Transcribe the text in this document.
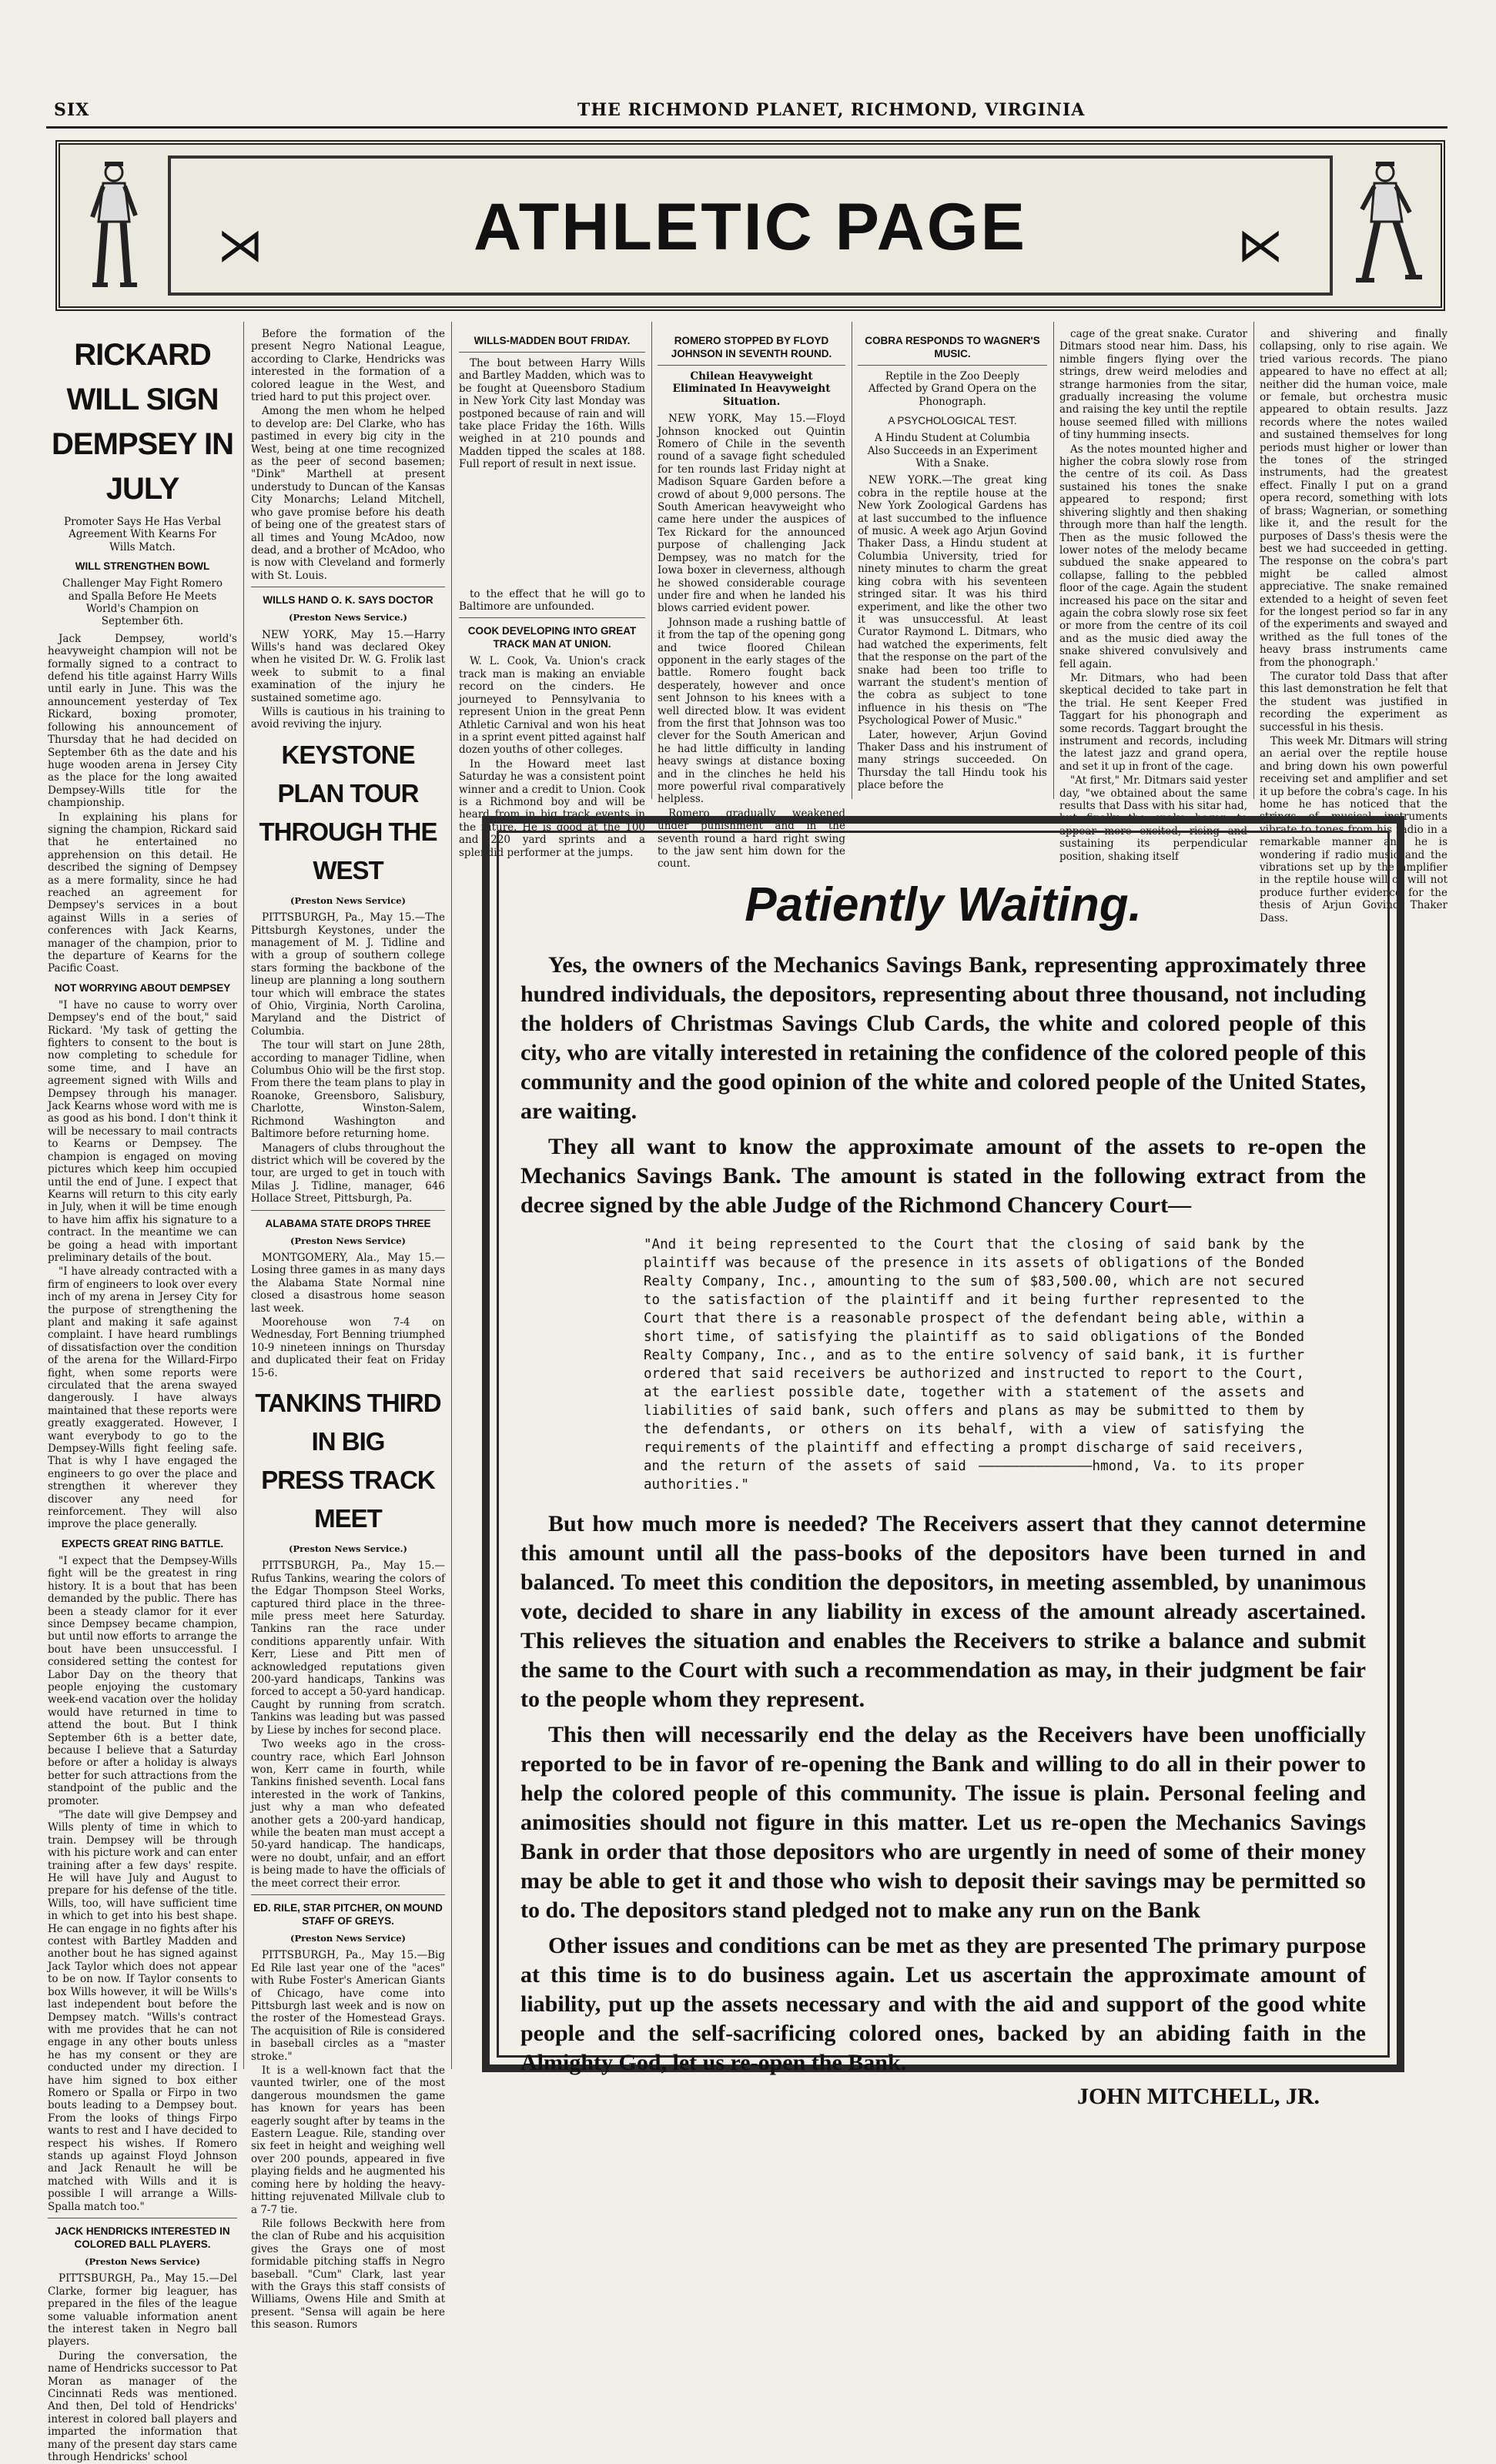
SIX	THE RICHMOND PLANET, RICHMOND, VIRGINIA
⋊	ATHLETIC PAGE	⋉
RICKARD WILL SIGN
DEMPSEY IN JULY
Promoter Says He Has Verbal Agreement With Kearns For Wills Match.
WILL STRENGTHEN BOWL
Challenger May Fight Romero and Spalla Before He Meets World's Champion on September 6th.

Jack Dempsey, world's heavyweight champion will not be formally signed to a contract to defend his title against Harry Wills until early in June. This was the announcement yesterday of Tex Rickard, boxing promoter, following his announcement of Thursday that he had decided on September 6th as the date and his huge wooden arena in Jersey City as the place for the long awaited Dempsey-Wills title for the championship.

In explaining his plans for signing the champion, Rickard said that he entertained no apprehension on this detail. He described the signing of Dempsey as a mere formality, since he had reached an agreement for Dempsey's services in a bout against Wills in a series of conferences with Jack Kearns, manager of the champion, prior to the departure of Kearns for the Pacific Coast.

NOT WORRYING ABOUT DEMPSEY

"I have no cause to worry over Dempsey's end of the bout," said Rickard. 'My task of getting the fighters to consent to the bout is now completing to schedule for some time, and I have an agreement signed with Wills and Dempsey through his manager. Jack Kearns whose word with me is as good as his bond. I don't think it will be necessary to mail contracts to Kearns or Dempsey. The champion is engaged on moving pictures which keep him occupied until the end of June. I expect that Kearns will return to this city early in July, when it will be time enough to have him affix his signature to a contract. In the meantime we can be going a head with important preliminary details of the bout.

"I have already contracted with a firm of engineers to look over every inch of my arena in Jersey City for the purpose of strengthening the plant and making it safe against complaint. I have heard rumblings of dissatisfaction over the condition of the arena for the Willard-Firpo fight, when some reports were circulated that the arena swayed dangerously. I have always maintained that these reports were greatly exaggerated. However, I want everybody to go to the Dempsey-Wills fight feeling safe. That is why I have engaged the engineers to go over the place and strengthen it wherever they discover any need for reinforcement. They will also improve the place generally.

EXPECTS GREAT RING BATTLE.

"I expect that the Dempsey-Wills fight will be the greatest in ring history. It is a bout that has been demanded by the public. There has been a steady clamor for it ever since Dempsey became champion, but until now efforts to arrange the bout have been unsuccessful. I considered setting the contest for Labor Day on the theory that people enjoying the customary week-end vacation over the holiday would have returned in time to attend the bout. But I think September 6th is a better date, because I believe that a Saturday before or after a holiday is always better for such attractions from the standpoint of the public and the promoter.

"The date will give Dempsey and Wills plenty of time in which to train. Dempsey will be through with his picture work and can enter training after a few days' respite. He will have July and August to prepare for his defense of the title. Wills, too, will have sufficient time in which to get into his best shape. He can engage in no fights after his contest with Bartley Madden and another bout he has signed against Jack Taylor which does not appear to be on now. If Taylor consents to box Wills however, it will be Wills's last independent bout before the Dempsey match. "Wills's contract with me provides that he can not engage in any other bouts unless he has my consent or they are conducted under my direction. I have him signed to box either Romero or Spalla or Firpo in two bouts leading to a Dempsey bout. From the looks of things Firpo wants to rest and I have decided to respect his wishes. If Romero stands up against Floyd Johnson and Jack Renault he will be matched with Wills and it is possible I will arrange a Wills-Spalla match too."

JACK HENDRICKS INTERESTED IN COLORED BALL PLAYERS.
(Preston News Service)

PITTSBURGH, Pa., May 15.—Del Clarke, former big leaguer, has prepared in the files of the league some valuable information anent the interest taken in Negro ball players.

During the conversation, the name of Hendricks successor to Pat Moran as manager of the Cincinnati Reds was mentioned. And then, Del told of Hendricks' interest in colored ball players and imparted the information that many of the present day stars came through Hendricks' school

Before the formation of the present Negro National League, according to Clarke, Hendricks was interested in the formation of a colored league in the West, and tried hard to put this project over.

Among the men whom he helped to develop are: Del Clarke, who has pastimed in every big city in the West, being at one time recognized as the peer of second basemen; "Dink" Marthell at present understudy to Duncan of the Kansas City Monarchs; Leland Mitchell, who gave promise before his death of being one of the greatest stars of all times and Young McAdoo, now dead, and a brother of McAdoo, who is now with Cleveland and formerly with St. Louis.

WILLS HAND O. K. SAYS DOCTOR
(Preston News Service.)

NEW YORK, May 15.—Harry Wills's hand was declared Okey when he visited Dr. W. G. Frolik last week to submit to a final examination of the injury he sustained sometime ago.

Wills is cautious in his training to avoid reviving the injury.

KEYSTONE PLAN TOUR
THROUGH THE WEST
(Preston News Service)

PITTSBURGH, Pa., May 15.—The Pittsburgh Keystones, under the management of M. J. Tidline and with a group of southern college stars forming the backbone of the lineup are planning a long southern tour which will embrace the states of Ohio, Virginia, North Carolina, Maryland and the District of Columbia.

The tour will start on June 28th, according to manager Tidline, when Columbus Ohio will be the first stop. From there the team plans to play in Roanoke, Greensboro, Salisbury, Charlotte, Winston-Salem, Richmond Washington and Baltimore before returning home.

Managers of clubs throughout the district which will be covered by the tour, are urged to get in touch with Milas J. Tidline, manager, 646 Hollace Street, Pittsburgh, Pa.

ALABAMA STATE DROPS THREE
(Preston News Service)

MONTGOMERY, Ala., May 15.—Losing three games in as many days the Alabama State Normal nine closed a disastrous home season last week.

Moorehouse won 7-4 on Wednesday, Fort Benning triumphed 10-9 nineteen innings on Thursday and duplicated their feat on Friday 15-6.

TANKINS THIRD IN BIG
PRESS TRACK MEET
(Preston News Service.)

PITTSBURGH, Pa., May 15.—Rufus Tankins, wearing the colors of the Edgar Thompson Steel Works, captured third place in the three-mile press meet here Saturday. Tankins ran the race under conditions apparently unfair. With Kerr, Liese and Pitt men of acknowledged reputations given 200-yard handicaps, Tankins was forced to accept a 50-yard handicap. Caught by running from scratch. Tankins was leading but was passed by Liese by inches for second place.

Two weeks ago in the cross-country race, which Earl Johnson won, Kerr came in fourth, while Tankins finished seventh. Local fans interested in the work of Tankins, just why a man who defeated another gets a 200-yard handicap, while the beaten man must accept a 50-yard handicap. The handicaps, were no doubt, unfair, and an effort is being made to have the officials of the meet correct their error.

ED. RILE, STAR PITCHER, ON MOUND STAFF OF GREYS.
(Preston News Service)

PITTSBURGH, Pa., May 15.—Big Ed Rile last year one of the "aces" with Rube Foster's American Giants of Chicago, have come into Pittsburgh last week and is now on the roster of the Homestead Grays. The acquisition of Rile is considered in baseball circles as a "master stroke."

It is a well-known fact that the vaunted twirler, one of the most dangerous moundsmen the game has known for years has been eagerly sought after by teams in the Eastern League. Rile, standing over six feet in height and weighing well over 200 pounds, appeared in five playing fields and he augmented his coming here by holding the heavy-hitting rejuvenated Millvale club to a 7-7 tie.

Rile follows Beckwith here from the clan of Rube and his acquisition gives the Grays one of most formidable pitching staffs in Negro baseball. "Cum" Clark, last year with the Grays this staff consists of Williams, Owens Hile and Smith at present. "Sensa will again be here this season. Rumors

WILLS-MADDEN BOUT FRIDAY.

The bout between Harry Wills and Bartley Madden, which was to be fought at Queensboro Stadium in New York City last Monday was postponed because of rain and will take place Friday the 16th. Wills weighed in at 210 pounds and Madden tipped the scales at 188. Full report of result in next issue.

to the effect that he will go to Baltimore are unfounded.

COOK DEVELOPING INTO GREAT TRACK MAN AT UNION.

W. L. Cook, Va. Union's crack track man is making an enviable record on the cinders. He journeyed to Pennsylvania to represent Union in the great Penn Athletic Carnival and won his heat in a sprint event pitted against half dozen youths of other colleges.

In the Howard meet last Saturday he was a consistent point winner and a credit to Union. Cook is a Richmond boy and will be heard from in big track events in the future. He is good at the 100 and 220 yard sprints and a splendid performer at the jumps.

ROMERO STOPPED BY FLOYD JOHNSON IN SEVENTH ROUND.
Chilean Heavyweight Eliminated In Heavyweight Situation.

NEW YORK, May 15.—Floyd Johnson knocked out Quintin Romero of Chile in the seventh round of a savage fight scheduled for ten rounds last Friday night at Madison Square Garden before a crowd of about 9,000 persons. The South American heavyweight who came here under the auspices of Tex Rickard for the announced purpose of challenging Jack Dempsey, was no match for the Iowa boxer in cleverness, although he showed considerable courage under fire and when he landed his blows carried evident power.

Johnson made a rushing battle of it from the tap of the opening gong and twice floored Chilean opponent in the early stages of the battle. Romero fought back desperately, however and once sent Johnson to his knees with a well directed blow. It was evident from the first that Johnson was too clever for the South American and he had little difficulty in landing heavy swings at distance boxing and in the clinches he held his more powerful rival comparatively helpless.

Romero gradually weakened under punishment and in the seventh round a hard right swing to the jaw sent him down for the count.

COBRA RESPONDS TO WAGNER'S MUSIC.
Reptile in the Zoo Deeply Affected by Grand Opera on the Phonograph.
A PSYCHOLOGICAL TEST.
A Hindu Student at Columbia Also Succeeds in an Experiment With a Snake.

NEW YORK.—The great king cobra in the reptile house at the New York Zoological Gardens has at last succumbed to the influence of music. A week ago Arjun Govind Thaker Dass, a Hindu student at Columbia University, tried for ninety minutes to charm the great king cobra with his seventeen stringed sitar. It was his third experiment, and like the other two it was unsuccessful. At least Curator Raymond L. Ditmars, who had watched the experiments, felt that the response on the part of the snake had been too trifle to warrant the student's mention of the cobra as subject to tone influence in his thesis on "The Psychological Power of Music."

Later, however, Arjun Govind Thaker Dass and his instrument of many strings succeeded. On Thursday the tall Hindu took his place before the

cage of the great snake. Curator Ditmars stood near him. Dass, his nimble fingers flying over the strings, drew weird melodies and strange harmonies from the sitar, gradually increasing the volume and raising the key until the reptile house seemed filled with millions of tiny humming insects.

As the notes mounted higher and higher the cobra slowly rose from the centre of its coil. As Dass sustained his tones the snake appeared to respond; first shivering slightly and then shaking through more than half the length. Then as the music followed the lower notes of the melody became subdued the snake appeared to collapse, falling to the pebbled floor of the cage. Again the student increased his pace on the sitar and again the cobra slowly rose six feet or more from the centre of its coil and as the music died away the snake shivered convulsively and fell again.

Mr. Ditmars, who had been skeptical decided to take part in the trial. He sent Keeper Fred Taggart for his phonograph and some records. Taggart brought the instrument and records, including the latest jazz and grand opera, and set it up in front of the cage.

"At first," Mr. Ditmars said yester day, "we obtained about the same results that Dass with his sitar had, but finally the snake began to appear more excited, rising and sustaining its perpendicular position, shaking itself

and shivering and finally collapsing, only to rise again. We tried various records. The piano appeared to have no effect at all; neither did the human voice, male or female, but orchestra music appeared to obtain results. Jazz records where the notes wailed and sustained themselves for long periods must higher or lower than the tones of the stringed instruments, had the greatest effect. Finally I put on a grand opera record, something with lots of brass; Wagnerian, or something like it, and the result for the purposes of Dass's thesis were the best we had succeeded in getting. The response on the cobra's part might be called almost appreciative. The snake remained extended to a height of seven feet for the longest period so far in any of the experiments and swayed and writhed as the full tones of the heavy brass instruments came from the phonograph.'

The curator told Dass that after this last demonstration he felt that the student was justified in recording the experiment as successful in his thesis.

This week Mr. Ditmars will string an aerial over the reptile house and bring down his own powerful receiving set and amplifier and set it up before the cobra's cage. In his home he has noticed that the strings of musical instruments vibrate to tones from his radio in a remarkable manner and he is wondering if radio music and the vibrations set up by the amplifier in the reptile house will or will not produce further evidence for the thesis of Arjun Govind Thaker Dass.

Patiently Waiting.

Yes, the owners of the Mechanics Savings Bank, representing approximately three hundred individuals, the depositors, representing about three thousand, not including the holders of Christmas Savings Club Cards, the white and colored people of this city, who are vitally interested in retaining the confidence of the colored people of this community and the good opinion of the white and colored people of the United States, are waiting.

They all want to know the approximate amount of the assets to re-open the Mechanics Savings Bank. The amount is stated in the following extract from the decree signed by the able Judge of the Richmond Chancery Court—

"And it being represented to the Court that the closing of said bank by the plaintiff was because of the presence in its assets of obligations of the Bonded Realty Company, Inc., amounting to the sum of $83,500.00, which are not secured to the satisfaction of the plaintiff and it being further represented to the Court that there is a reasonable prospect of the defendant being able, within a short time, of satisfying the plaintiff as to said obligations of the Bonded Realty Company, Inc., and as to the entire solvency of said bank, it is further ordered that said receivers be authorized and instructed to report to the Court, at the earliest possible date, together with a statement of the assets and liabilities of said bank, such offers and plans as may be submitted to them by the defendants, or others on its behalf, with a view of satisfying the requirements of the plaintiff and effecting a prompt discharge of said receivers, and the return of the assets of said ——————————————hmond, Va. to its proper authorities."

But how much more is needed? The Receivers assert that they cannot determine this amount until all the pass-books of the depositors have been turned in and balanced. To meet this condition the depositors, in meeting assembled, by unanimous vote, decided to share in any liability in excess of the amount already ascertained. This relieves the situation and enables the Receivers to strike a balance and submit the same to the Court with such a recommendation as may, in their judgment be fair to the people whom they represent.

This then will necessarily end the delay as the Receivers have been unofficially reported to be in favor of re-opening the Bank and willing to do all in their power to help the colored people of this community. The issue is plain. Personal feeling and animosities should not figure in this matter. Let us re-open the Mechanics Savings Bank in order that those depositors who are urgently in need of some of their money may be able to get it and those who wish to deposit their savings may be permitted so to do. The depositors stand pledged not to make any run on the Bank

Other issues and conditions can be met as they are presented The primary purpose at this time is to do business again. Let us ascertain the approximate amount of liability, put up the assets necessary and with the aid and support of the good white people and the self-sacrificing colored ones, backed by an abiding faith in the Almighty God, let us re-open the Bank.

JOHN MITCHELL, JR.
